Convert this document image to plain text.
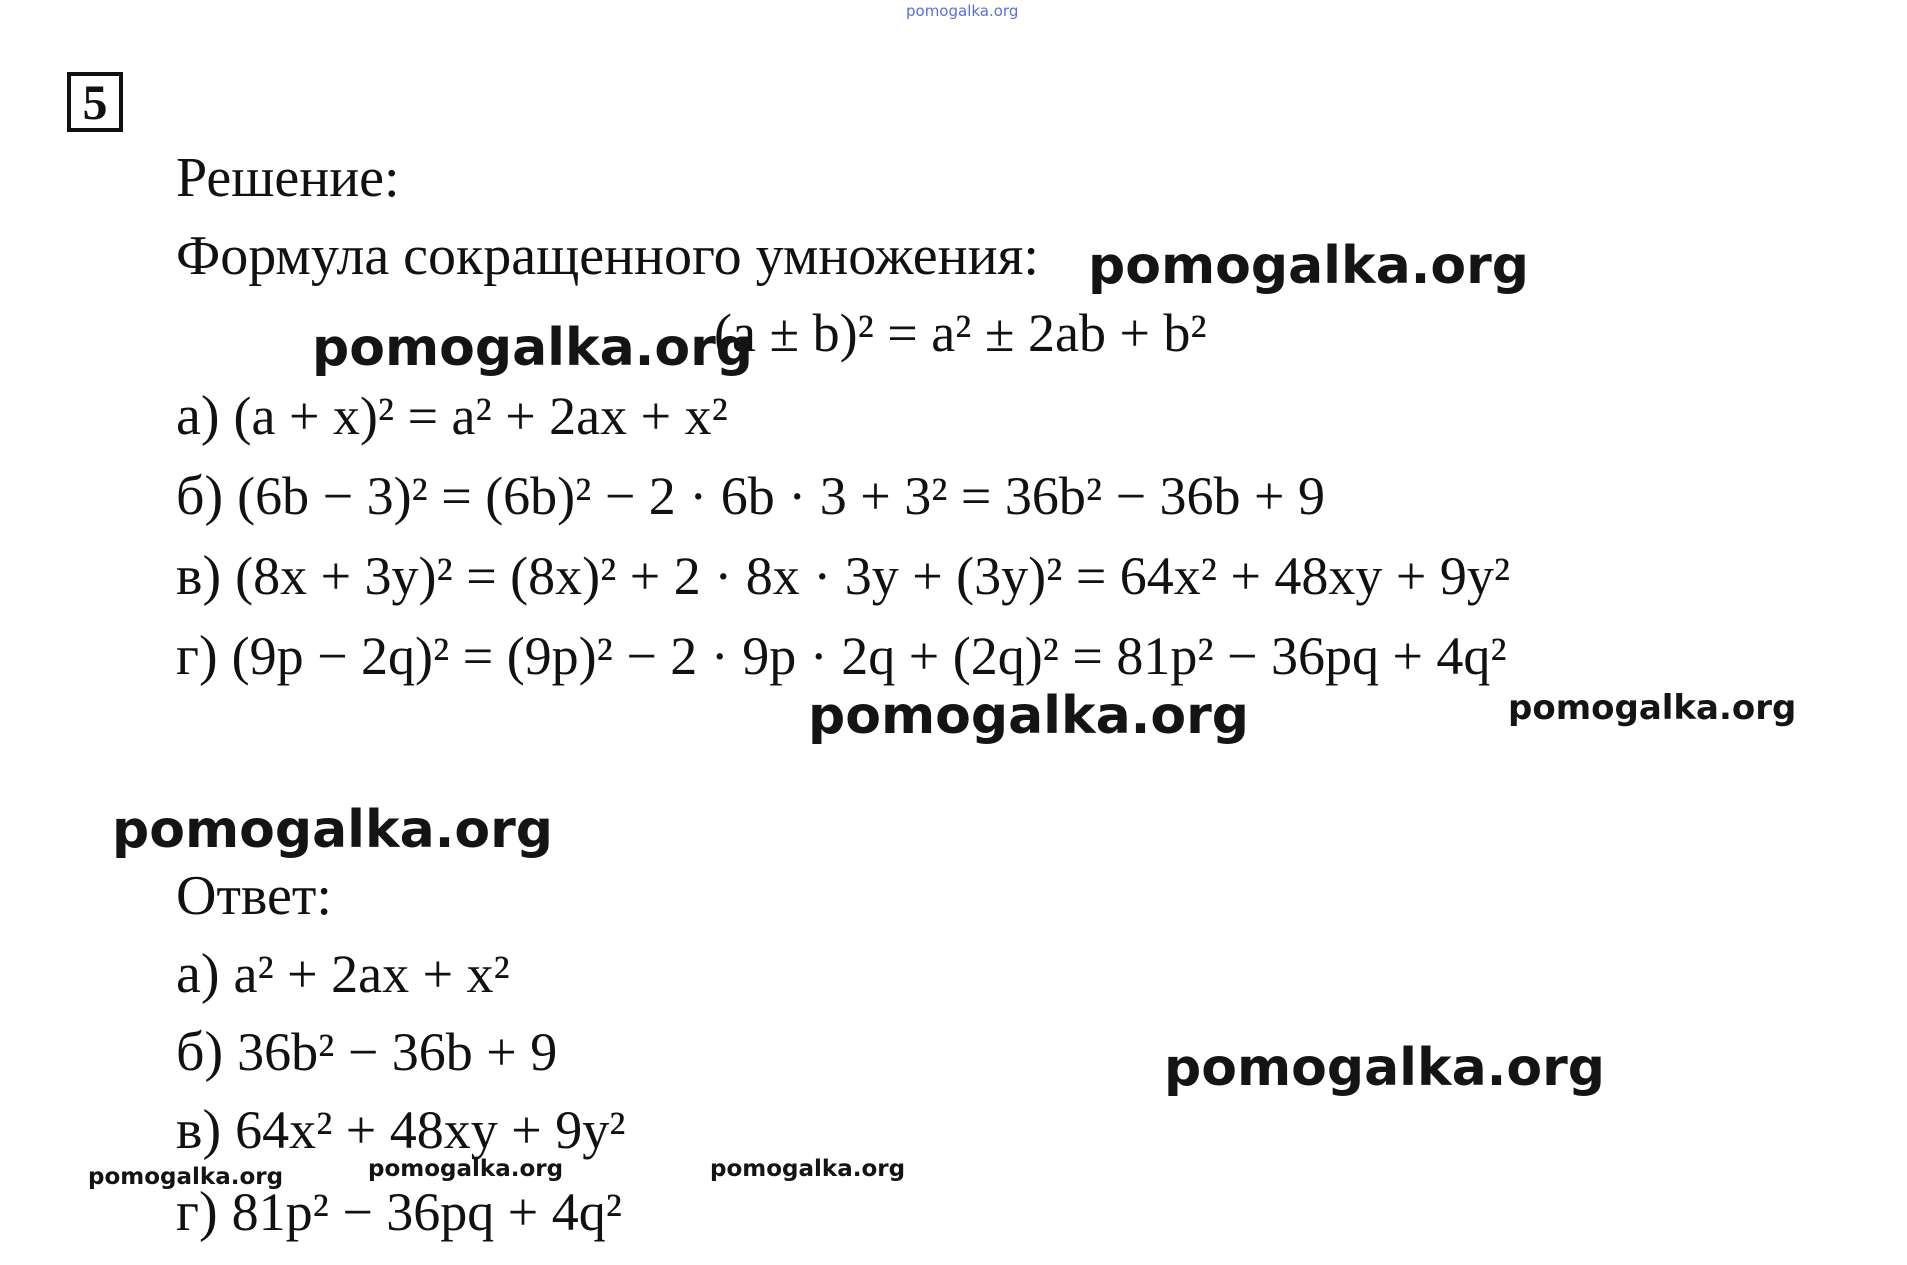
pomogalka.org
5
Решение:
Формула сокращенного умножения: pomogalka.org
(a ± b)² = a² ± 2ab + b²
pomogalka.org
а) (a + x)² = a² + 2ax + x²
б) (6b − 3)² = (6b)² − 2 · 6b · 3 + 3² = 36b² − 36b + 9
в) (8x + 3y)² = (8x)² + 2 · 8x · 3y + (3y)² = 64x² + 48xy + 9y²
г) (9p − 2q)² = (9p)² − 2 · 9p · 2q + (2q)² = 81p² − 36pq + 4q²
pomogalka.org	pomogalka.org
pomogalka.org
Ответ:
а) a² + 2ax + x²
б) 36b² − 36b + 9	pomogalka.org
в) 64x² + 48xy + 9y²
pomogalka.org	pomogalka.org	pomogalka.org
г) 81p² − 36pq + 4q²
